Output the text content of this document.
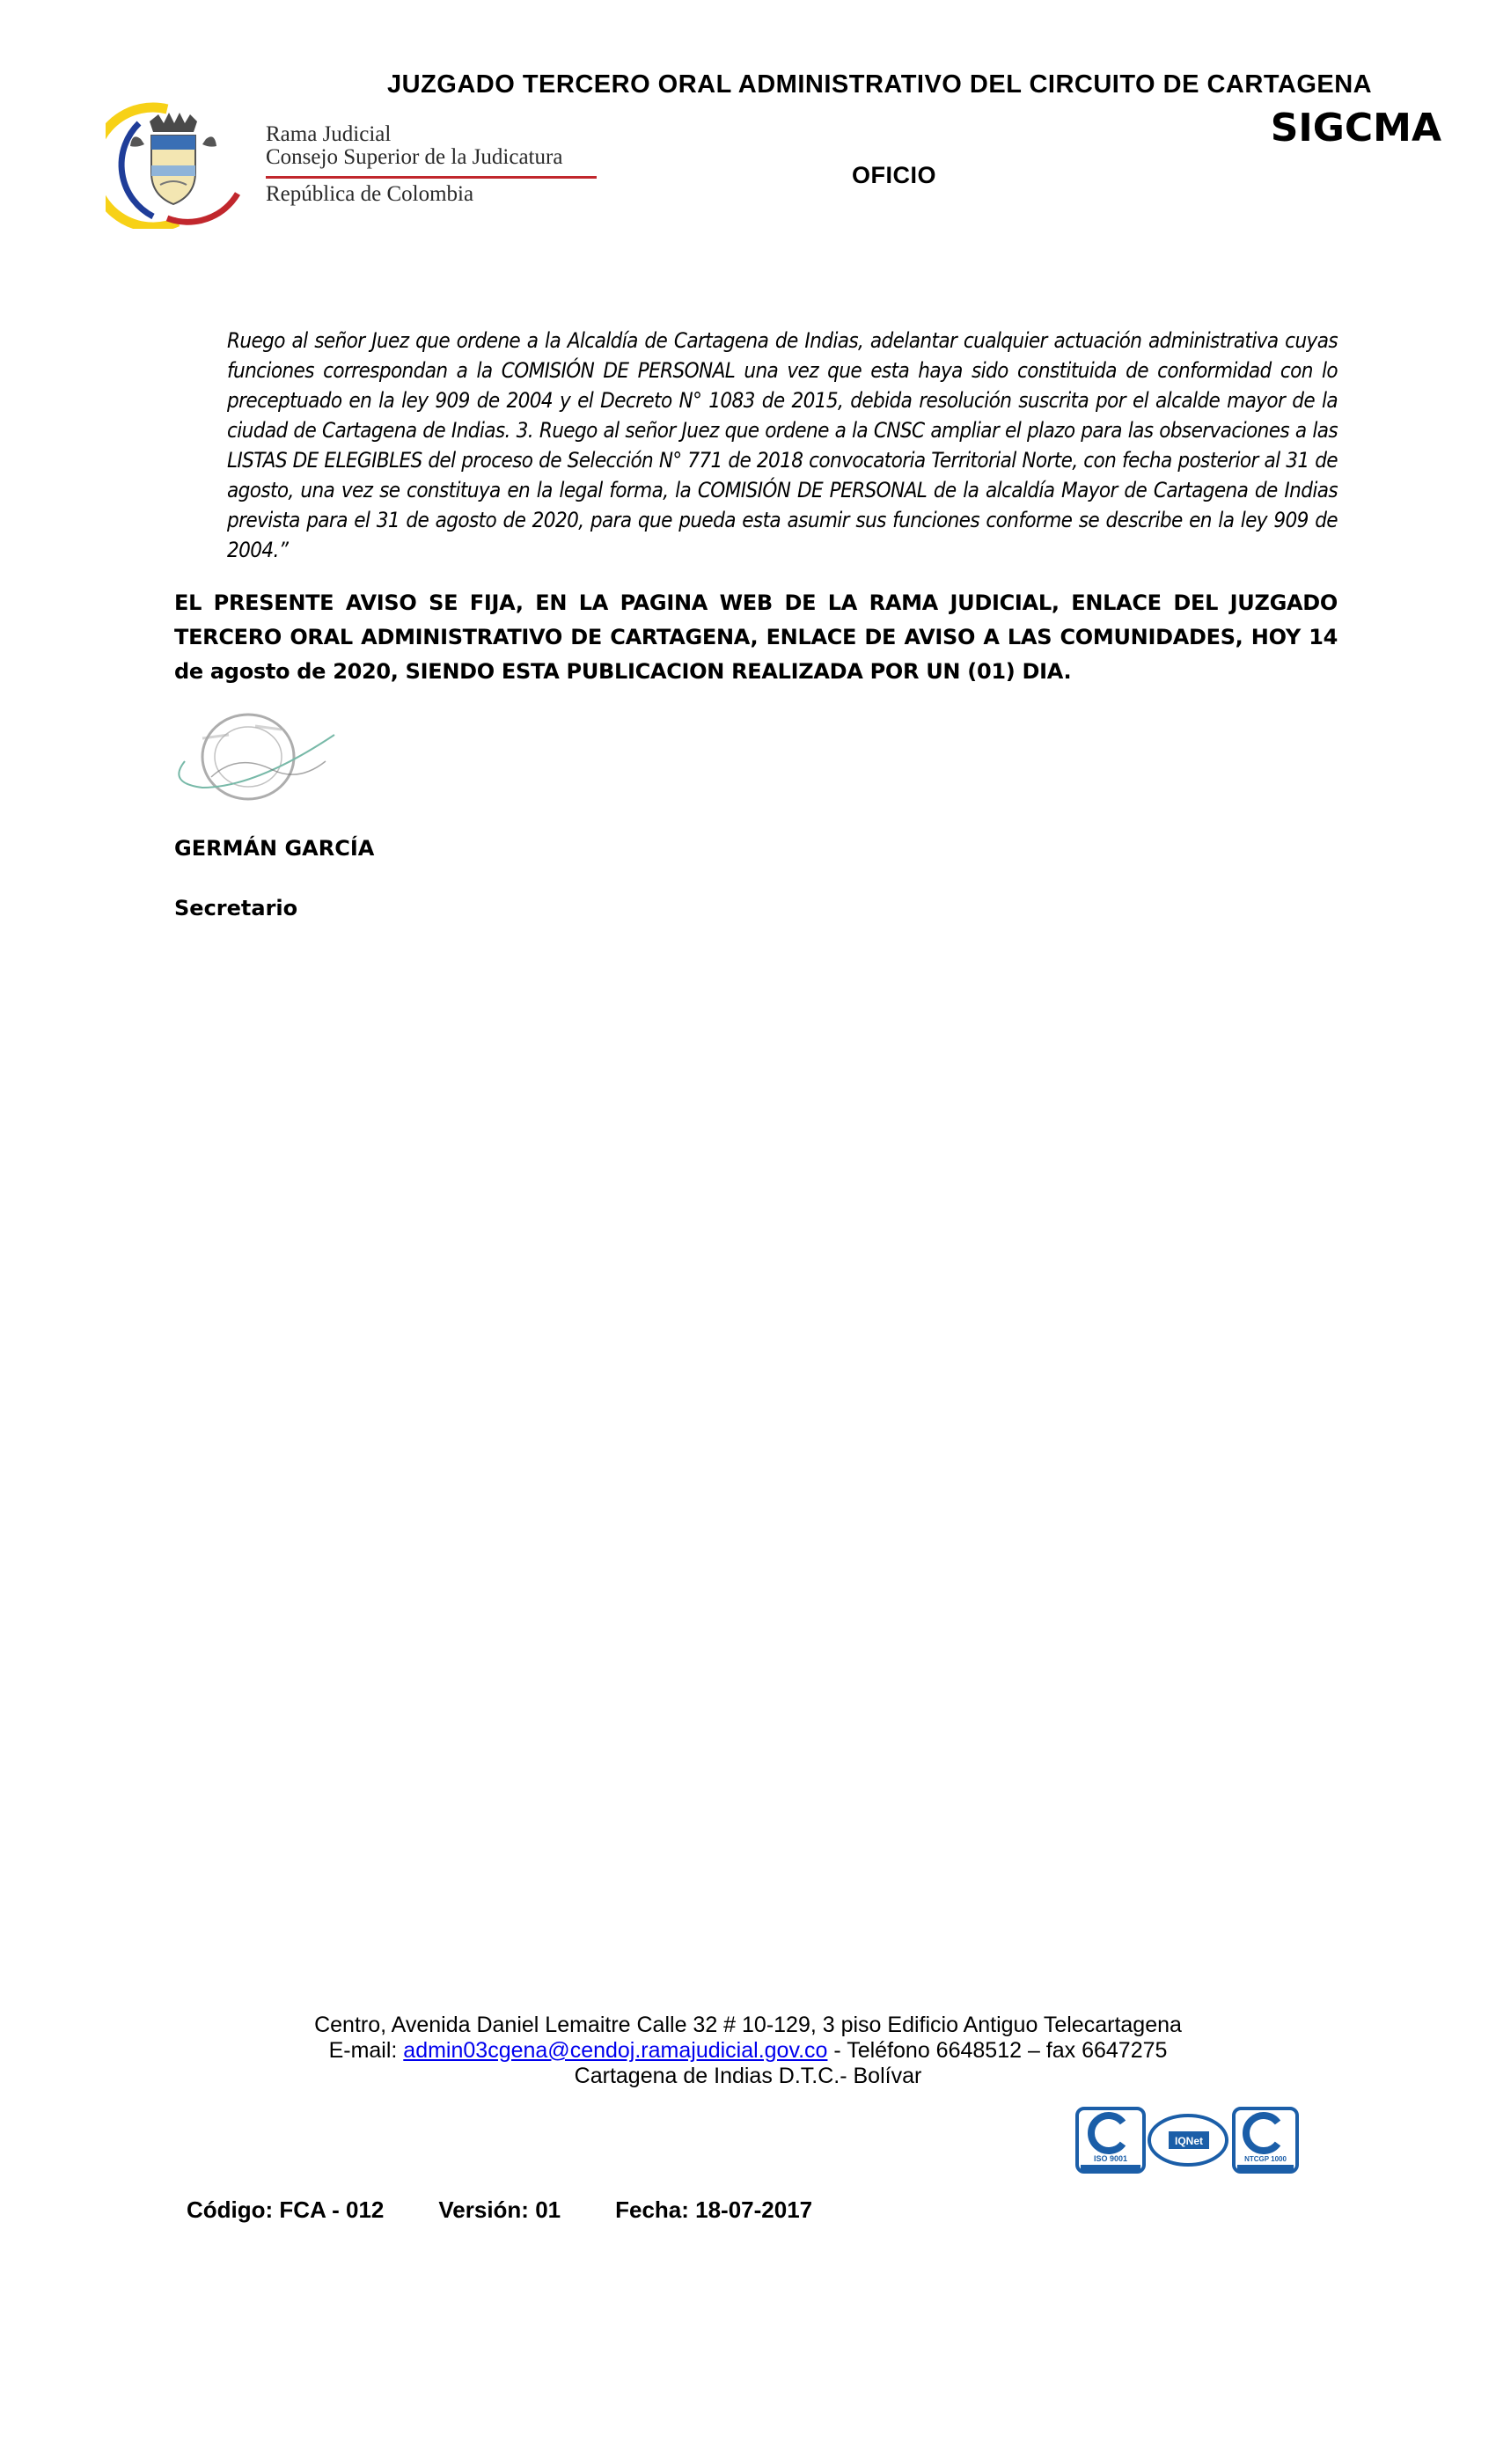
JUZGADO TERCERO ORAL ADMINISTRATIVO DEL CIRCUITO DE CARTAGENA
SIGCMA
OFICIO
Rama Judicial
Consejo Superior de la Judicatura
República de Colombia
Ruego al señor Juez que ordene a la Alcaldía de Cartagena de Indias, adelantar cualquier actuación administrativa cuyas funciones correspondan a la COMISIÓN DE PERSONAL una vez que esta haya sido constituida de conformidad con lo preceptuado en la ley 909 de 2004 y el Decreto N° 1083 de 2015, debida resolución suscrita por el alcalde mayor de la ciudad de Cartagena de Indias. 3. Ruego al señor Juez que ordene a la CNSC ampliar el plazo para las observaciones a las LISTAS DE ELEGIBLES del proceso de Selección N° 771 de 2018 convocatoria Territorial Norte, con fecha posterior al 31 de agosto, una vez se constituya en la legal forma, la COMISIÓN DE PERSONAL de la alcaldía Mayor de Cartagena de Indias prevista para el 31 de agosto de 2020, para que pueda esta asumir sus funciones conforme se describe en la ley 909 de 2004.”
EL PRESENTE AVISO SE FIJA, EN LA PAGINA WEB DE LA RAMA JUDICIAL, ENLACE DEL JUZGADO TERCERO ORAL ADMINISTRATIVO DE CARTAGENA, ENLACE DE AVISO A LAS COMUNIDADES, HOY 14 de agosto de 2020, SIENDO ESTA PUBLICACION REALIZADA POR UN (01) DIA.
GERMÁN GARCÍA
Secretario
Centro, Avenida Daniel Lemaitre Calle 32 # 10-129, 3 piso Edificio Antiguo Telecartagena
E-mail: admin03cgena@cendoj.ramajudicial.gov.co - Teléfono 6648512 – fax 6647275
Cartagena de Indias D.T.C.- Bolívar
ISO 9001
IQNet
NTCGP 1000
Código: FCA - 012 Versión: 01 Fecha: 18-07-2017
